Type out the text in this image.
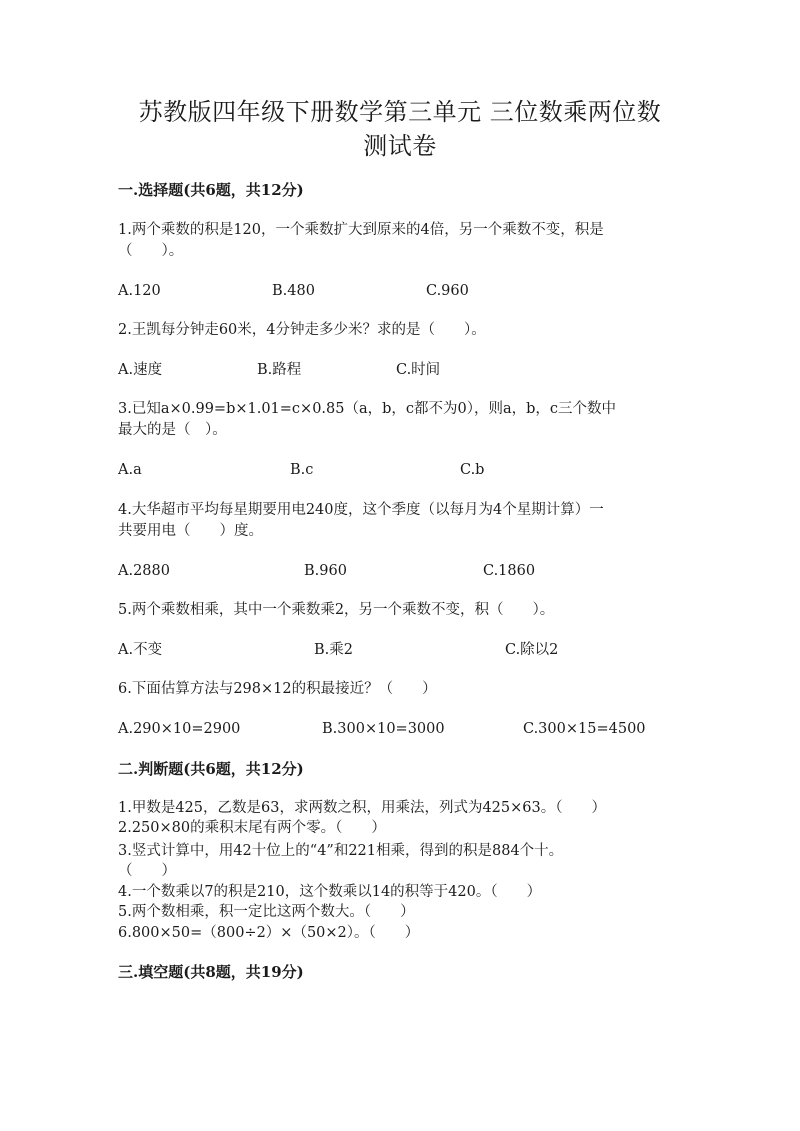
苏教版四年级下册数学第三单元 三位数乘两位数
测试卷
一.选择题(共6题，共12分)
1.两个乘数的积是120，一个乘数扩大到原来的4倍，另一个乘数不变，积是
（　　）。
A.120	B.480	C.960
2.王凯每分钟走60米，4分钟走多少米？求的是（　　）。
A.速度	B.路程	C.时间
3.已知a×0.99=b×1.01=c×0.85（a，b，c都不为0），则a，b，c三个数中
最大的是（　）。
A.a	B.c	C.b
4.大华超市平均每星期要用电240度，这个季度（以每月为4个星期计算）一
共要用电（　　）度。
A.2880	B.960	C.1860
5.两个乘数相乘，其中一个乘数乘2，另一个乘数不变，积（　　）。
A.不变	B.乘2	C.除以2
6.下面估算方法与298×12的积最接近？（　　）
A.290×10=2900	B.300×10=3000	C.300×15=4500
二.判断题(共6题，共12分)
1.甲数是425，乙数是63，求两数之积，用乘法，列式为425×63。（　　）
2.250×80的乘积末尾有两个零。（　　）
3.竖式计算中，用42十位上的“4”和221相乘，得到的积是884个十。
（　　）
4.一个数乘以7的积是210，这个数乘以14的积等于420。（　　）
5.两个数相乘，积一定比这两个数大。（　　）
6.800×50=（800÷2）×（50×2）。（　　）
三.填空题(共8题，共19分)
